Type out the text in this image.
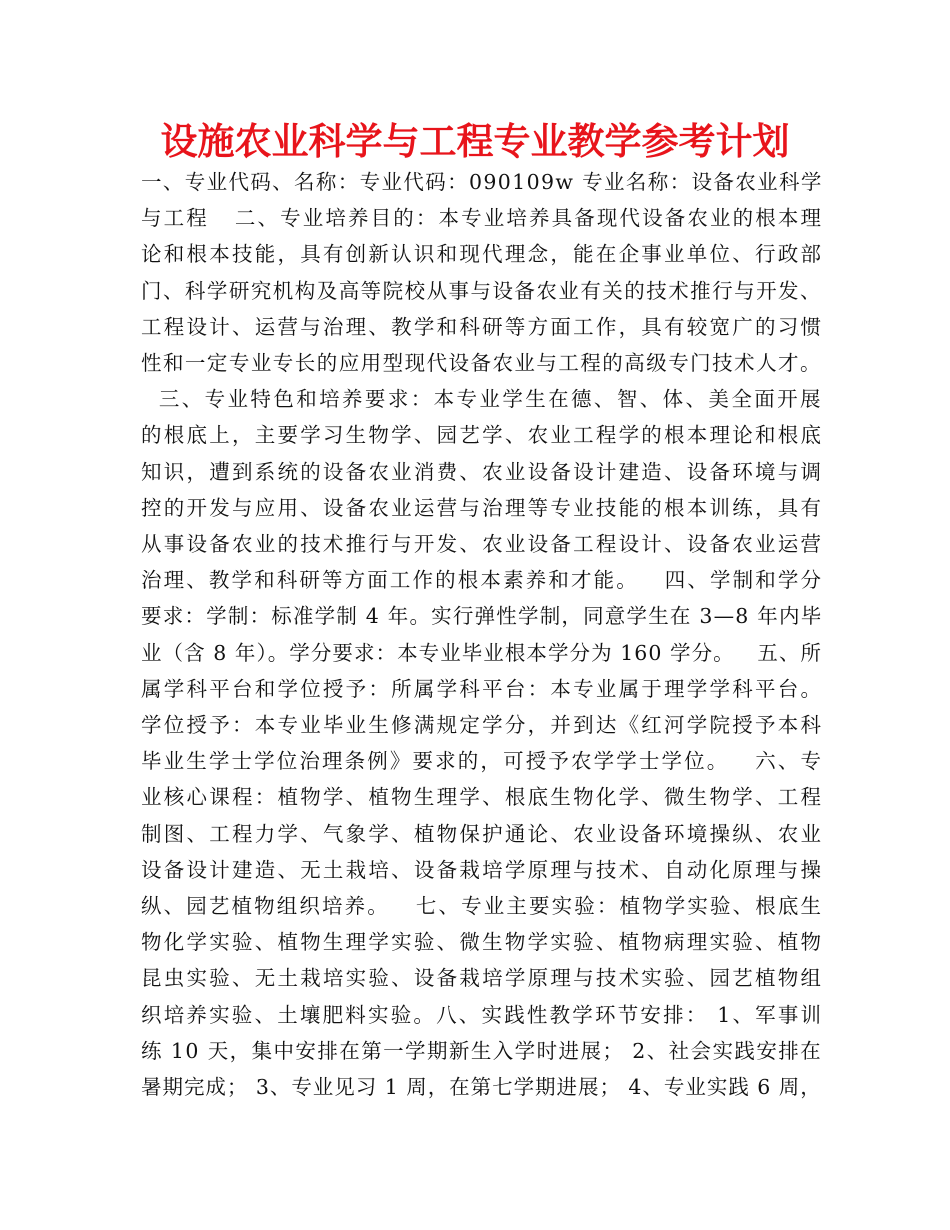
设施农业科学与工程专业教学参考计划
一、专业代码、名称：专业代码：090109w 专业名称：设备农业科学
与工程   二、专业培养目的：本专业培养具备现代设备农业的根本理
论和根本技能，具有创新认识和现代理念，能在企事业单位、行政部
门、科学研究机构及高等院校从事与设备农业有关的技术推行与开发、
工程设计、运营与治理、教学和科研等方面工作，具有较宽广的习惯
性和一定专业专长的应用型现代设备农业与工程的高级专门技术人才。
三、专业特色和培养要求：本专业学生在德、智、体、美全面开展
的根底上，主要学习生物学、园艺学、农业工程学的根本理论和根底
知识，遭到系统的设备农业消费、农业设备设计建造、设备环境与调
控的开发与应用、设备农业运营与治理等专业技能的根本训练，具有
从事设备农业的技术推行与开发、农业设备工程设计、设备农业运营
治理、教学和科研等方面工作的根本素养和才能。   四、学制和学分
要求：学制：标准学制 4 年。实行弹性学制，同意学生在 3—8 年内毕
业（含 8 年）。学分要求：本专业毕业根本学分为 160 学分。   五、所
属学科平台和学位授予：所属学科平台：本专业属于理学学科平台。
学位授予：本专业毕业生修满规定学分，并到达《红河学院授予本科
毕业生学士学位治理条例》要求的，可授予农学学士学位。   六、专
业核心课程：植物学、植物生理学、根底生物化学、微生物学、工程
制图、工程力学、气象学、植物保护通论、农业设备环境操纵、农业
设备设计建造、无土栽培、设备栽培学原理与技术、自动化原理与操
纵、园艺植物组织培养。   七、专业主要实验：植物学实验、根底生
物化学实验、植物生理学实验、微生物学实验、植物病理实验、植物
昆虫实验、无土栽培实验、设备栽培学原理与技术实验、园艺植物组
织培养实验、土壤肥料实验。八、实践性教学环节安排： 1、军事训
练 10 天，集中安排在第一学期新生入学时进展； 2、社会实践安排在
暑期完成； 3、专业见习 1 周，在第七学期进展； 4、专业实践 6 周，
